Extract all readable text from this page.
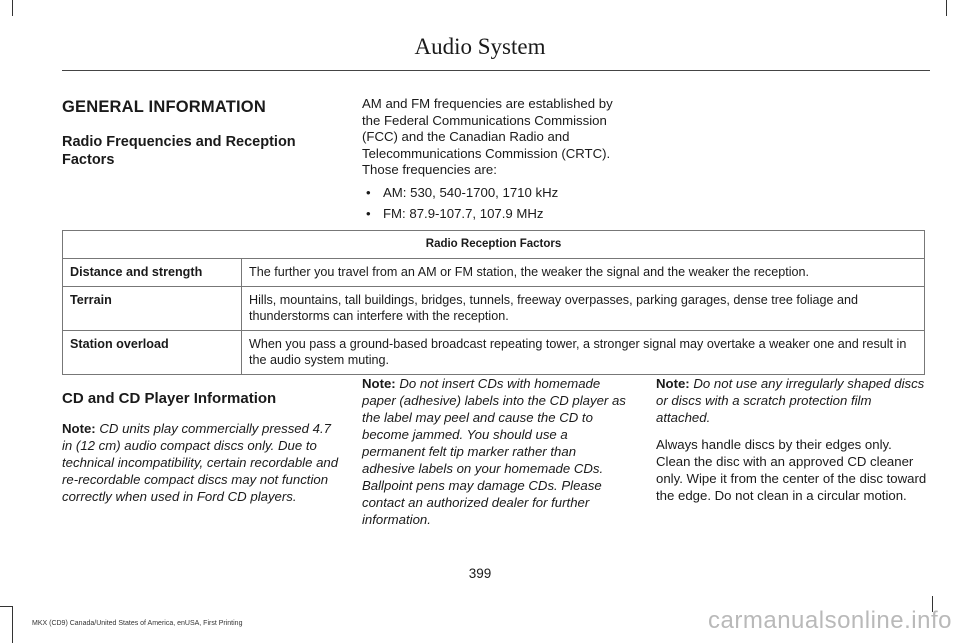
Audio System
GENERAL INFORMATION
Radio Frequencies and Reception Factors

AM and FM frequencies are established by the Federal Communications Commission (FCC) and the Canadian Radio and Telecommunications Commission (CRTC). Those frequencies are:

• AM: 530, 540-1700, 1710 kHz
• FM: 87.9-107.7, 107.9 MHz
Radio Reception Factors	
Distance and strength	The further you travel from an AM or FM station, the weaker the signal and the weaker the reception.
Terrain	Hills, mountains, tall buildings, bridges, tunnels, freeway overpasses, parking garages, dense tree foliage and thunderstorms can interfere with the reception.
Station overload	When you pass a ground-based broadcast repeating tower, a stronger signal may overtake a weaker one and result in the audio system muting.
CD and CD Player Information

Note: CD units play commercially pressed 4.7 in (12 cm) audio compact discs only. Due to technical incompatibility, certain recordable and re-recordable compact discs may not function correctly when used in Ford CD players.

Note: Do not insert CDs with homemade paper (adhesive) labels into the CD player as the label may peel and cause the CD to become jammed. You should use a permanent felt tip marker rather than adhesive labels on your homemade CDs. Ballpoint pens may damage CDs. Please contact an authorized dealer for further information.

Note: Do not use any irregularly shaped discs or discs with a scratch protection film attached.

Always handle discs by their edges only. Clean the disc with an approved CD cleaner only. Wipe it from the center of the disc toward the edge. Do not clean in a circular motion.

399
MKX (CD9) Canada/United States of America, enUSA, First Printing	carmanualsonline.info
